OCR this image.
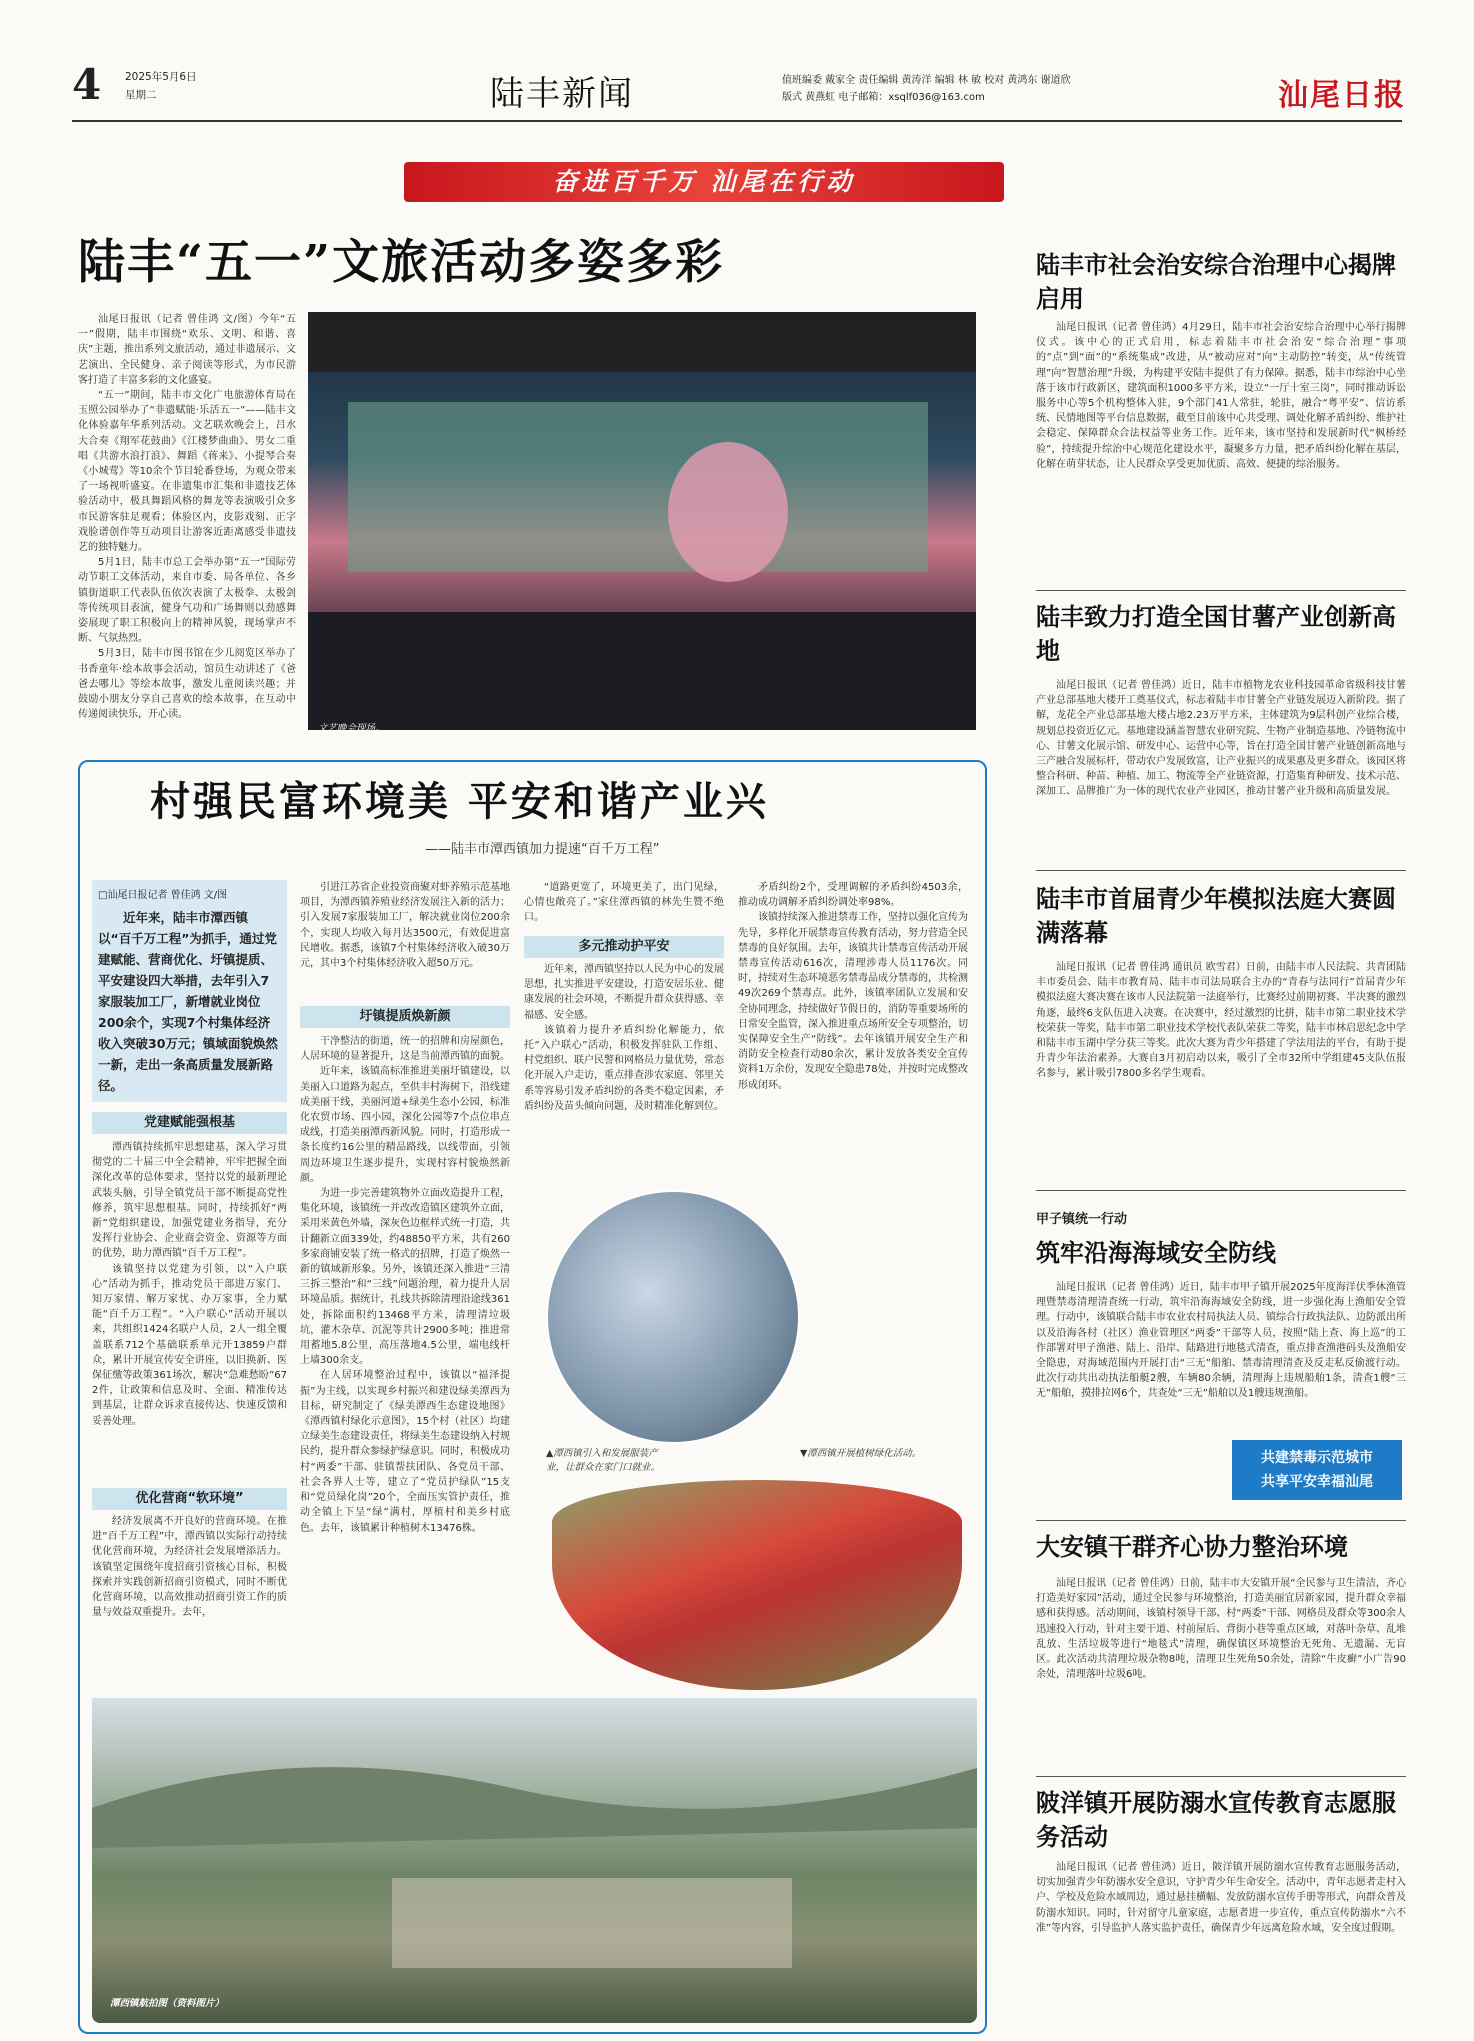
4 2025年5月6日
星期二	陆丰新闻	值班编委 戴家全 责任编辑 黄涛洋 编辑 林 敏 校对 黄鸿东 谢道欣
版式 黄燕虹 电子邮箱：xsqlf036@163.com	汕尾日报
奋进百千万 汕尾在行动
陆丰“五一”文旅活动多姿多彩

汕尾日报讯（记者 曾佳鸿 文/图）今年“五一”假期，陆丰市围绕“欢乐、文明、和谐、喜庆”主题，推出系列文旅活动，通过非遗展示、文艺演出、全民健身、亲子阅读等形式，为市民游客打造了丰富多彩的文化盛宴。

“五一”期间，陆丰市文化广电旅游体育局在玉照公园举办了“非遗赋能·乐活五一”——陆丰文化体验嘉年华系列活动。文艺联欢晚会上，吕水大合奏《翔军花鼓曲》《江楼梦曲曲》、男女二重唱《共游水浪打浪》、舞蹈《蒋来》、小提琴合奏《小城莺》等10余个节目轮番登场，为观众带来了一场视听盛宴。在非遗集市汇集和非遗技艺体验活动中，极具舞蹈风格的舞龙等表演吸引众多市民游客驻足观看；体验区内，皮影戏刻、正字戏脸谱创作等互动项目让游客近距离感受非遗技艺的独特魅力。

5月1日，陆丰市总工会举办第“五一”国际劳动节职工文体活动，来自市委、局各单位、各乡镇街道职工代表队伍依次表演了太极拳、太极剑等传统项目表演，健身气功和广场舞则以劲感舞姿展现了职工积极向上的精神风貌，现场掌声不断、气氛热烈。

5月3日，陆丰市图书馆在少儿阅览区举办了书香童年·绘本故事会活动，馆员生动讲述了《爸爸去哪儿》等绘本故事，激发儿童阅读兴趣；并鼓励小朋友分享自己喜欢的绘本故事，在互动中传递阅读快乐，开心读。

文艺晚会现场。
村强民富环境美 平安和谐产业兴
——陆丰市潭西镇加力提速“百千万工程”
□汕尾日报记者 曾佳鸿 文/图
近年来，陆丰市潭西镇以“百千万工程”为抓手，通过党建赋能、营商优化、圩镇提质、平安建设四大举措，去年引入7家服装加工厂，新增就业岗位200余个，实现7个村集体经济收入突破30万元；镇域面貌焕然一新，走出一条高质量发展新路径。
党建赋能强根基

潭西镇持续抓牢思想建基，深入学习贯彻党的二十届三中全会精神，牢牢把握全面深化改革的总体要求，坚持以党的最新理论武装头脑，引导全镇党员干部不断提高党性修养，筑牢思想根基。同时，持续抓好“两新”党组织建设，加强党建业务指导，充分发挥行业协会、企业商会资金、资源等方面的优势，助力潭西镇“百千万工程”。

该镇坚持以党建为引领，以“入户联心”活动为抓手，推动党员干部进万家门、知万家情、解万家忧、办万家事，全力赋能“百千万工程”。“入户联心”活动开展以来，共组织1424名联户人员，2人一组全覆盖联系712个基础联系单元开13859户群众，累计开展宣传安全讲座，以旧换新、医保征缴等政策361场次，解决“急难愁盼”672件，让政策和信息及时、全面、精准传达到基层，让群众诉求直接传达、快速反馈和妥善处理。

优化营商“软环境”

经济发展离不开良好的营商环境。在推进“百千万工程”中，潭西镇以实际行动持续优化营商环境，为经济社会发展增添活力。该镇坚定围绕年度招商引资核心目标，积极探索并实践创新招商引资模式，同时不断优化营商环境，以高效推动招商引资工作的质量与效益双重提升。去年，

引进江苏省企业投资商聚对虾养殖示范基地项目，为潭西镇养殖业经济发展注入新的活力；引入发展7家服装加工厂，解决就业岗位200余个，实现人均收入每月达3500元，有效促进富民增收。据悉，该镇7个村集体经济收入破30万元，其中3个村集体经济收入超50万元。

圩镇提质焕新颜

干净整洁的街道，统一的招牌和房屋颜色，人居环境的显著提升，这是当前潭西镇的面貌。

近年来，该镇高标准推进美丽圩镇建设，以美丽入口道路为起点，至供丰村海树下，沿线建成美丽干线，美丽河道+绿美生态小公园，标准化农贸市场、四小园，深化公园等7个点位串点成线，打造美丽潭西新风貌。同时，打造形成一条长度约16公里的精品路线，以线带面，引领周边环境卫生逐步提升，实现村容村貌焕然新颜。

为进一步完善建筑物外立面改造提升工程，集化环境，该镇统一并改改造镇区建筑外立面，采用米黄色外墙，深灰色边框样式统一打造，共计翻新立面339处，约48850平方米，共有260多家商铺安装了统一格式的招牌，打造了焕然一新的镇域新形象。另外，该镇还深入推进“三清三拆三整治”和“三线”问题治理，着力提升人居环境品质。据统计，扎线共拆除清理沿途线361处，拆除面积约13468平方米，清理清垃圾坑，灌木杂草、沉泥等共计2900多吨；推进常用蓄地5.8公里，高压落地4.5公里，端电线杆上墙300余支。

在人居环境整治过程中，该镇以“福泽提振”为主线，以实现乡村振兴和建设绿美潭西为目标，研究制定了《绿美潭西生态建设地图》《潭西镇村绿化示意图》，15个村（社区）均建立绿美生态建设责任，将绿美生态建设纳入村规民约，提升群众参绿护绿意识。同时，积极成功村“两委”干部、驻镇帮扶团队、各党员干部、社会各界人士等，建立了“党员护绿队”15支和“党员绿化岗”20个，全面压实管护责任，推动全镇上下呈“绿”满村，厚植村和美乡村底色。去年，该镇累计种植树木13476株。

“道路更宽了，环境更美了，出门见绿，心情也敞亮了。”家住潭西镇的林先生赞不绝口。

多元推动护平安

近年来，潭西镇坚持以人民为中心的发展思想，扎实推进平安建设，打造安居乐业、健康发展的社会环境，不断提升群众获得感、幸福感、安全感。

该镇着力提升矛盾纠纷化解能力，依托“入户联心”活动，积极发挥驻队工作组、村党组织、联户民警和网格员力量优势，常态化开展入户走访，重点排查涉农家庭、邻里关系等容易引发矛盾纠纷的各类不稳定因素，矛盾纠纷及苗头倾向问题，及时精准化解到位。

矛盾纠纷2个，受理调解的矛盾纠纷4503余，推动成功调解矛盾纠纷调处率98%。

该镇持续深入推进禁毒工作，坚持以强化宣传为先导，多样化开展禁毒宣传教育活动，努力营造全民禁毒的良好氛围。去年，该镇共计禁毒宣传活动开展禁毒宣传活动616次，清理涉毒人员1176次。同时，持续对生态环境恶劣禁毒品成分禁毒的，共检测49次269个禁毒点。此外，该镇率团队立发展和安全协同理念，持续做好节假日的，消防等重要场所的日常安全监管，深入推进重点场所安全专项整治，切实保障安全生产“防线”。去年该镇开展安全生产和消防安全检查行动80余次，累计发放各类安全宣传资料1万余份，发现安全隐患78处，并按时完成整改形成闭环。

▲潭西镇引入和发展服装产业，让群众在家门口就业。
▼潭西镇开展植树绿化活动。
潭西镇航拍图（资料图片）
陆丰市社会治安综合治理中心揭牌启用

汕尾日报讯（记者 曾佳鸿）4月29日，陆丰市社会治安综合治理中心举行揭牌仪式。该中心的正式启用，标志着陆丰市社会治安“综合治理”事项的“点”到“面”的“系统集成”改进，从“被动应对”向“主动防控”转变，从“传统管理”向“智慧治理”升级，为构建平安陆丰提供了有力保障。据悉，陆丰市综治中心坐落于该市行政新区，建筑面积1000多平方米，设立“一厅十室三岗”，同时推动诉讼服务中心等5个机构整体入驻，9个部门41人常驻，轮驻，融合“粤平安”、信访系统、民情地图等平台信息数据，截至目前该中心共受理、调处化解矛盾纠纷、维护社会稳定、保障群众合法权益等业务工作。近年来，该市坚持和发展新时代“枫桥经验”，持续提升综治中心规范化建设水平，凝聚多方力量，把矛盾纠纷化解在基层，化解在萌芽状态，让人民群众享受更加优质、高效、便捷的综治服务。

陆丰致力打造全国甘薯产业创新高地

汕尾日报讯（记者 曾佳鸿）近日，陆丰市植物龙农业科技园革命省级科技甘薯产业总部基地大楼开工奠基仪式，标志着陆丰市甘薯全产业链发展迈入新阶段。据了解，龙花全产业总部基地大楼占地2.23万平方米，主体建筑为9层科创产业综合楼，规划总投资近亿元。基地建设涵盖智慧农业研究院、生物产业制造基地、冷链物流中心、甘薯文化展示馆、研发中心、运营中心等，旨在打造全国甘薯产业链创新高地与三产融合发展标杆，带动农户发展致富，让产业振兴的成果惠及更多群众。该园区将整合科研、种苗、种植、加工、物流等全产业链资源，打造集育种研发、技术示范、深加工、品牌推广为一体的现代农业产业园区，推动甘薯产业升级和高质量发展。

陆丰市首届青少年模拟法庭大赛圆满落幕

汕尾日报讯（记者 曾佳鸿 通讯员 欧雪君）日前，由陆丰市人民法院、共青团陆丰市委员会、陆丰市教育局、陆丰市司法局联合主办的“青春与法同行”首届青少年模拟法庭大赛决赛在该市人民法院第一法庭举行，比赛经过前期初赛、半决赛的激烈角逐，最终6支队伍进入决赛。在决赛中，经过激烈的比拼，陆丰市第二职业技术学校荣获一等奖，陆丰市第二职业技术学校代表队荣获二等奖，陆丰市林启思纪念中学和陆丰市玉湖中学分获三等奖。此次大赛为青少年搭建了学法用法的平台，有助于提升青少年法治素养。大赛自3月初启动以来，吸引了全市32所中学组建45支队伍报名参与，累计吸引7800多名学生观看。

甲子镇统一行动
筑牢沿海海域安全防线

汕尾日报讯（记者 曾佳鸿）近日，陆丰市甲子镇开展2025年度海洋伏季休渔管理暨禁毒清理清查统一行动，筑牢沿海海域安全防线，进一步强化海上渔船安全管理。行动中，该镇联合陆丰市农业农村局执法人员、镇综合行政执法队、边防派出所以及沿海各村（社区）渔业管理区“两委”干部等人员，按照“陆上查、海上巡”的工作部署对甲子渔港、陆上、沿岸、陆路进行地毯式清查，重点排查渔港码头及渔船安全隐患，对海域范围内开展打击“三无”船舶、禁毒清理清查及反走私反偷渡行动。此次行动共出动执法船艇2艘，车辆80余辆，清理海上违规船舶1条，清查1艘“三无”船舶，摸排拉网6个，共查处“三无”船舶以及1艘违规渔船。

共建禁毒示范城市
共享平安幸福汕尾
大安镇干群齐心协力整治环境

汕尾日报讯（记者 曾佳鸿）日前，陆丰市大安镇开展“全民参与卫生清洁，齐心打造美好家园”活动，通过全民参与环境整治，打造美丽宜居新家园，提升群众幸福感和获得感。活动期间，该镇村领导干部、村“两委”干部、网格员及群众等300余人迅速投入行动，针对主要干道、村前屋后、背街小巷等重点区域，对落叶杂草、乱堆乱放、生活垃圾等进行“地毯式”清理，确保镇区环境整治无死角、无遗漏、无盲区。此次活动共清理垃圾杂物8吨，清理卫生死角50余处，清除“牛皮癣”小广告90余处，清理落叶垃圾6吨。

陂洋镇开展防溺水宣传教育志愿服务活动

汕尾日报讯（记者 曾佳鸿）近日，陂洋镇开展防溺水宣传教育志愿服务活动，切实加强青少年防溺水安全意识，守护青少年生命安全。活动中，青年志愿者走村入户、学校及危险水域周边，通过悬挂横幅、发放防溺水宣传手册等形式，向群众普及防溺水知识。同时，针对留守儿童家庭，志愿者进一步宣传，重点宣传防溺水“六不准”等内容，引导监护人落实监护责任，确保青少年远离危险水域，安全度过假期。
